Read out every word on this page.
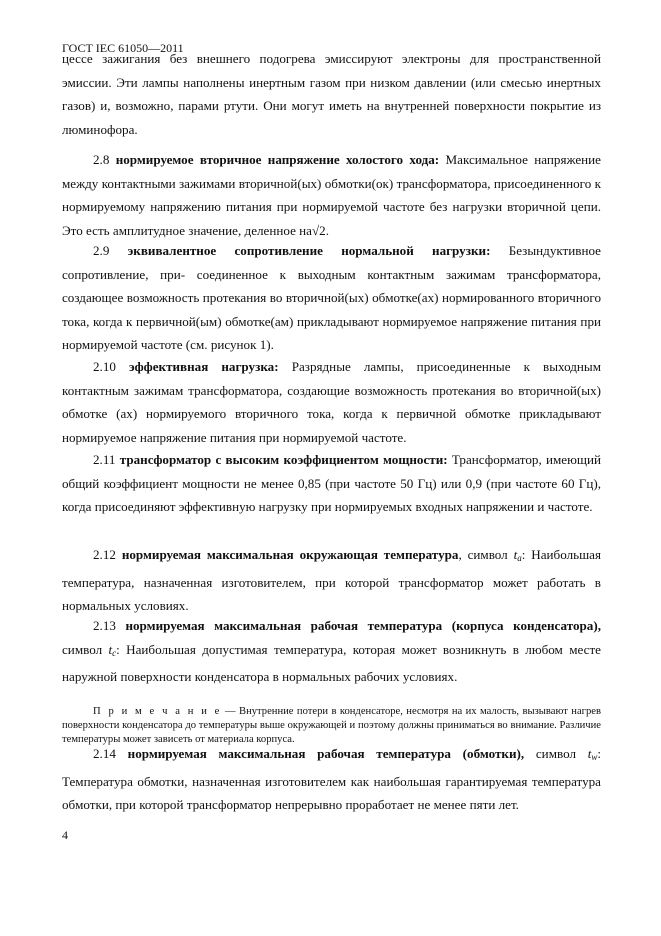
ГОСТ IEC 61050—2011

цессе зажигания без внешнего подогрева эмиссируют электроны для пространственной эмиссии. Эти лампы наполнены инертным газом при низком давлении (или смесью инертных газов) и, возможно, парами ртути. Они могут иметь на внутренней поверхности покрытие из люминофора.

2.8 нормируемое вторичное напряжение холостого хода: Максимальное напряжение между контактными зажимами вторичной(ых) обмотки(ок) трансформатора, присоединенного к нормируемому напряжению питания при нормируемой частоте без нагрузки вторичной цепи. Это есть амплитудное значение, деленное на√2.

2.9 эквивалентное сопротивление нормальной нагрузки: Безындуктивное сопротивление, при- соединенное к выходным контактным зажимам трансформатора, создающее возможность протекания во вторичной(ых) обмотке(ах) нормированного вторичного тока, когда к первичной(ым) обмотке(ам) прикладывают нормируемое напряжение питания при нормируемой частоте (см. рисунок 1).

2.10 эффективная нагрузка: Разрядные лампы, присоединенные к выходным контактным зажимам трансформатора, создающие возможность протекания во вторичной(ых) обмотке (ах) нормируемого вторичного тока, когда к первичной обмотке прикладывают нормируемое напряжение питания при нормируемой частоте.

2.11 трансформатор с высоким коэффициентом мощности: Трансформатор, имеющий общий коэффициент мощности не менее 0,85 (при частоте 50 Гц) или 0,9 (при частоте 60 Гц), когда присоединяют эффективную нагрузку при нормируемых входных напряжении и частоте.

2.12 нормируемая максимальная окружающая температура, символ $t_a$: Наибольшая температура, назначенная изготовителем, при которой трансформатор может работать в нормальных условиях.

2.13 нормируемая максимальная рабочая температура (корпуса конденсатора), символ $t_c$: Наибольшая допустимая температура, которая может возникнуть в любом месте наружной поверхности конденсатора в нормальных рабочих условиях.

П р и м е ч а н и е — Внутренние потери в конденсаторе, несмотря на их малость, вызывают нагрев поверхности конденсатора до температуры выше окружающей и поэтому должны приниматься во внимание. Различие температуры может зависеть от материала корпуса.

2.14 нормируемая максимальная рабочая температура (обмотки), символ $t_w$: Температура обмотки, назначенная изготовителем как наибольшая гарантируемая температура обмотки, при которой трансформатор непрерывно проработает не менее пяти лет.

4
